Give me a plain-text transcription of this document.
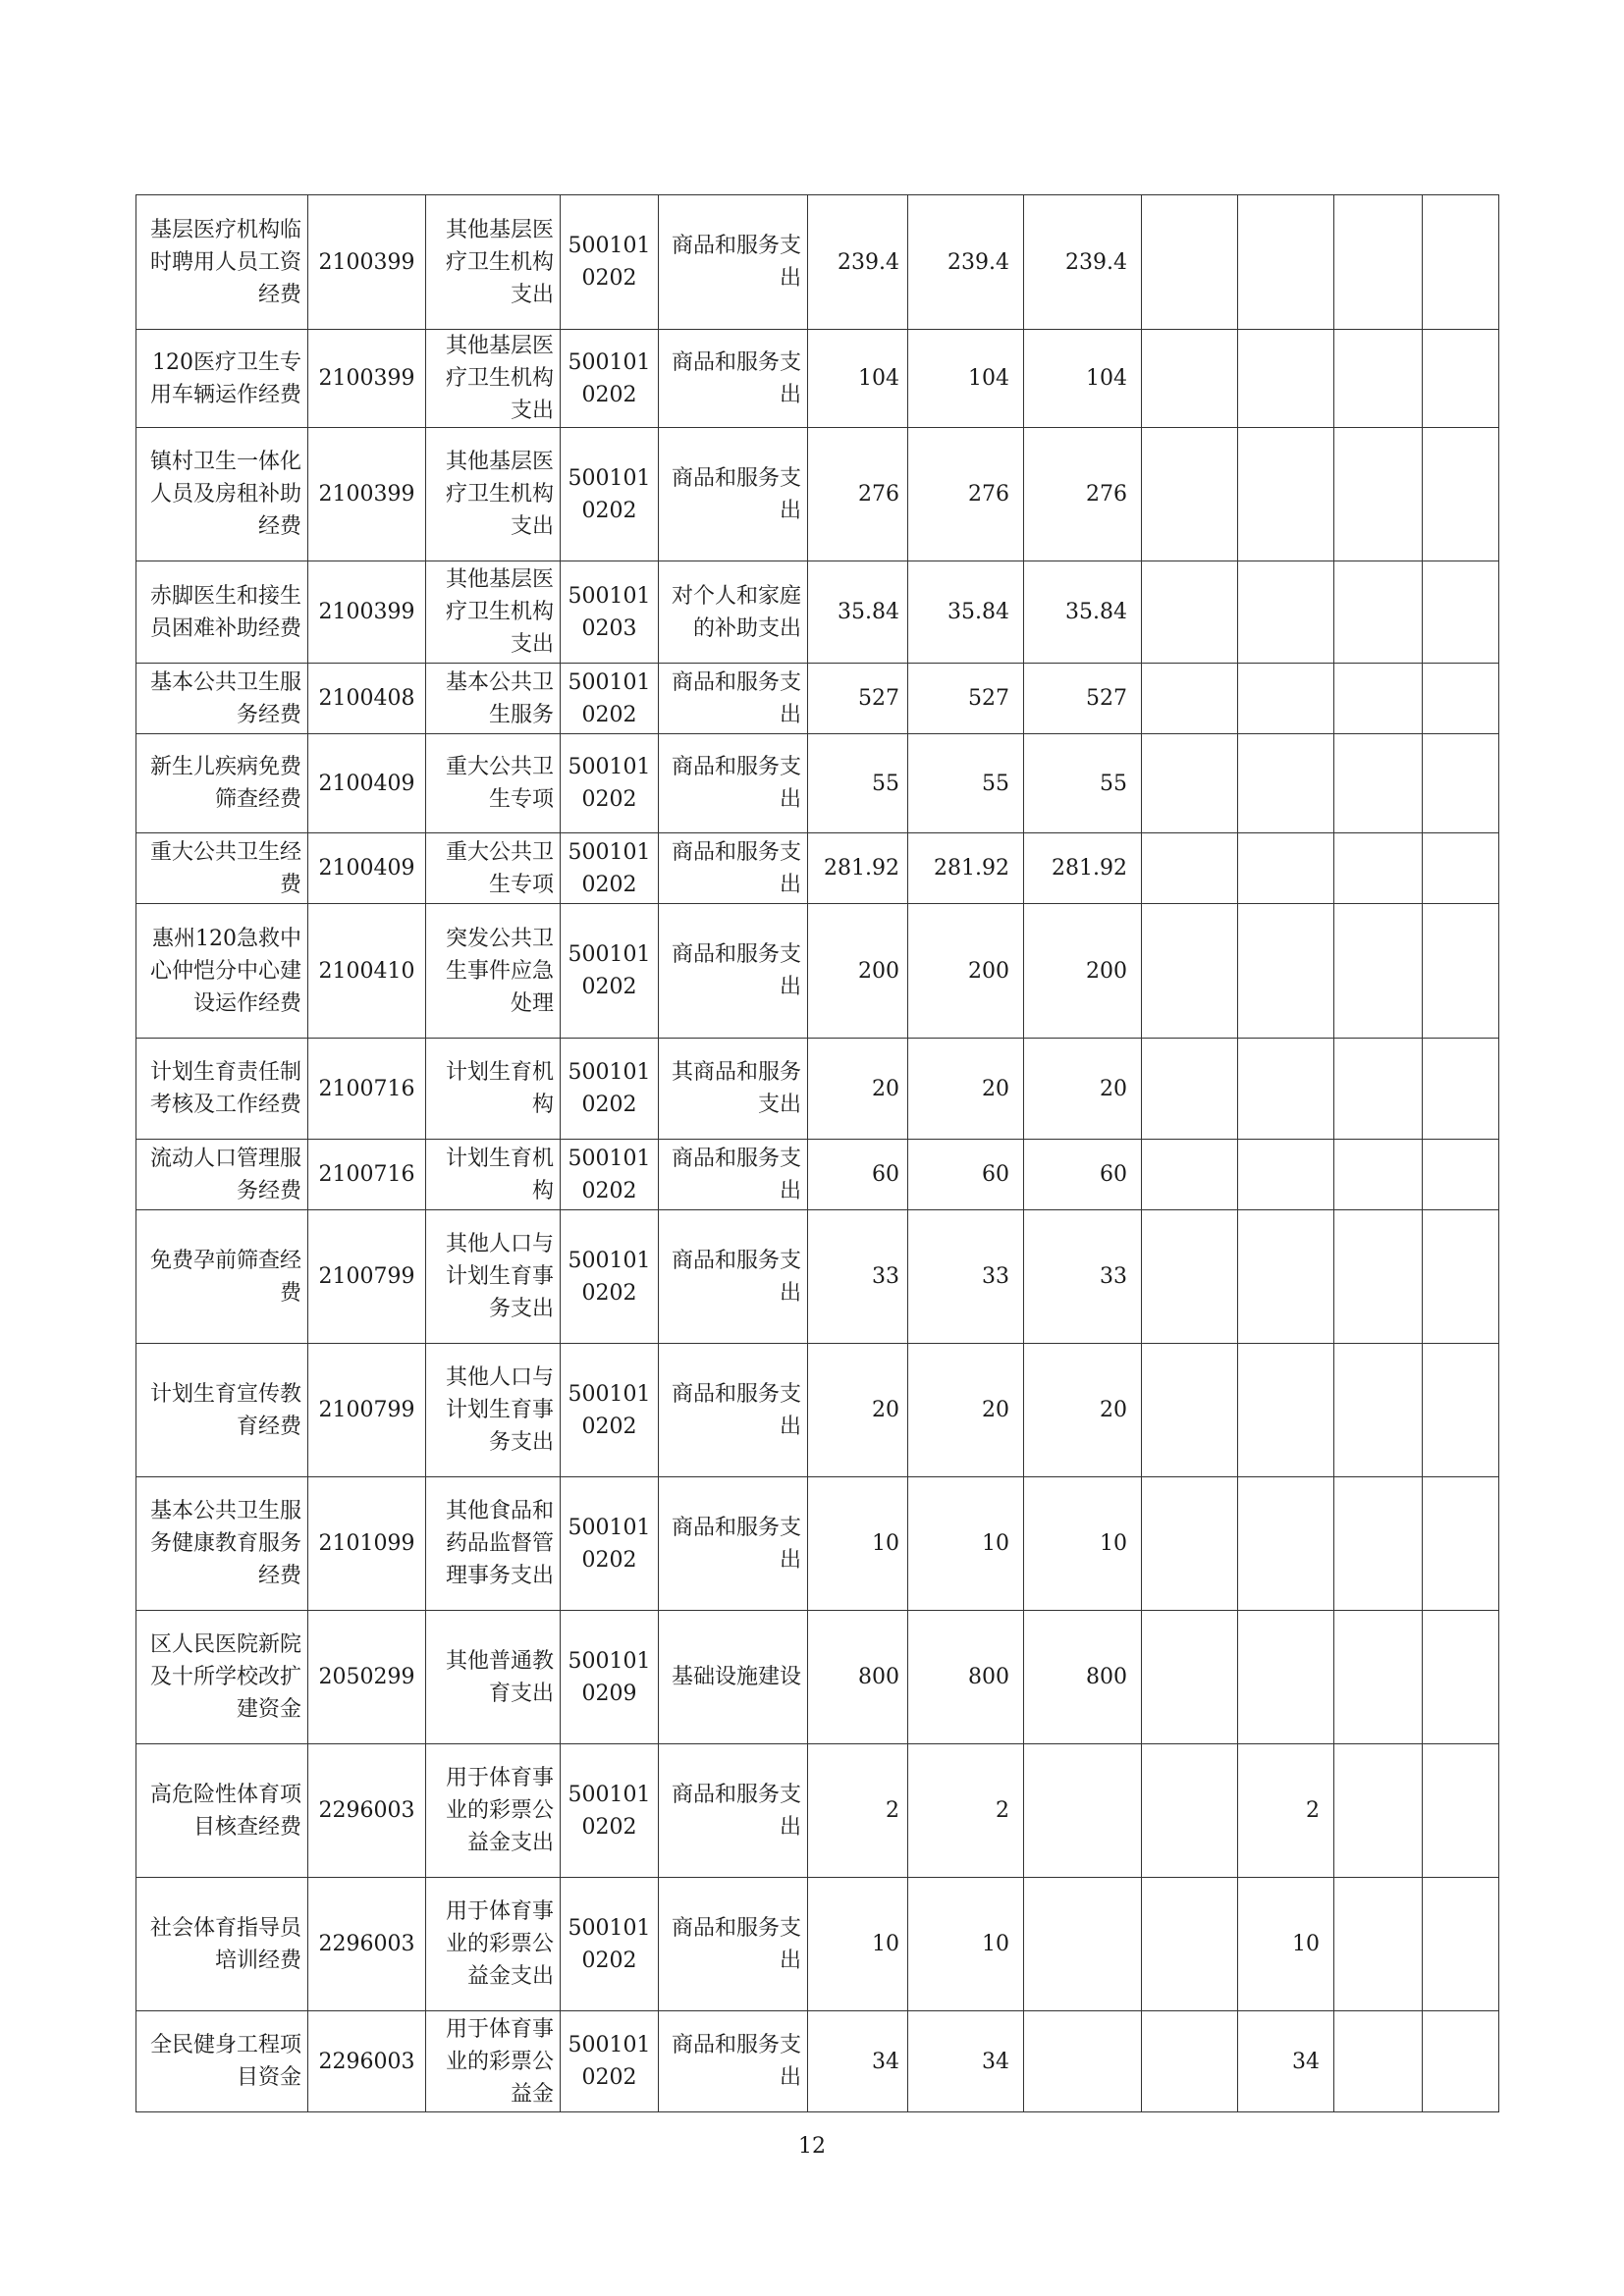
基层医疗机构临时聘用人员工资经费	2100399	其他基层医疗卫生机构支出	5001010202	商品和服务支出	239.4	239.4	239.4				
120医疗卫生专用车辆运作经费	2100399	其他基层医疗卫生机构支出	5001010202	商品和服务支出	104	104	104				
镇村卫生一体化人员及房租补助经费	2100399	其他基层医疗卫生机构支出	5001010202	商品和服务支出	276	276	276				
赤脚医生和接生员困难补助经费	2100399	其他基层医疗卫生机构支出	5001010203	对个人和家庭的补助支出	35.84	35.84	35.84				
基本公共卫生服务经费	2100408	基本公共卫生服务	5001010202	商品和服务支出	527	527	527				
新生儿疾病免费筛查经费	2100409	重大公共卫生专项	5001010202	商品和服务支出	55	55	55				
重大公共卫生经费	2100409	重大公共卫生专项	5001010202	商品和服务支出	281.92	281.92	281.92				
惠州120急救中心仲恺分中心建设运作经费	2100410	突发公共卫生事件应急处理	5001010202	商品和服务支出	200	200	200				
计划生育责任制考核及工作经费	2100716	计划生育机构	5001010202	其商品和服务支出	20	20	20				
流动人口管理服务经费	2100716	计划生育机构	5001010202	商品和服务支出	60	60	60				
免费孕前筛查经费	2100799	其他人口与计划生育事务支出	5001010202	商品和服务支出	33	33	33				
计划生育宣传教育经费	2100799	其他人口与计划生育事务支出	5001010202	商品和服务支出	20	20	20				
基本公共卫生服务健康教育服务经费	2101099	其他食品和药品监督管理事务支出	5001010202	商品和服务支出	10	10	10				
区人民医院新院及十所学校改扩建资金	2050299	其他普通教育支出	5001010209	基础设施建设	800	800	800				
高危险性体育项目核查经费	2296003	用于体育事业的彩票公益金支出	5001010202	商品和服务支出	2	2			2		
社会体育指导员培训经费	2296003	用于体育事业的彩票公益金支出	5001010202	商品和服务支出	10	10			10		
全民健身工程项目资金	2296003	用于体育事业的彩票公益金	5001010202	商品和服务支出	34	34			34		
12
